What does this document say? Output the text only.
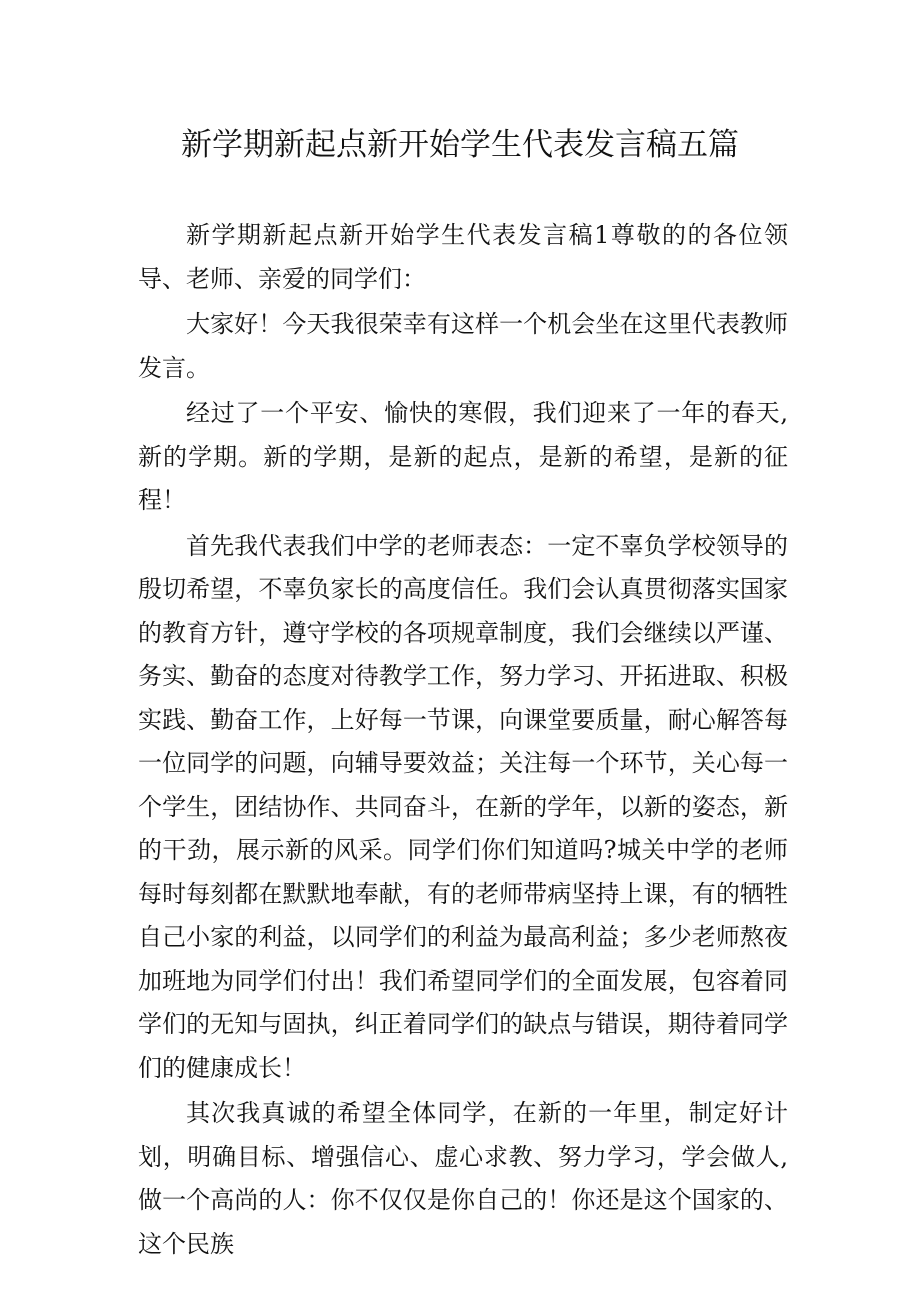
新学期新起点新开始学生代表发言稿五篇

新学期新起点新开始学生代表发言稿1尊敬的的各位领导、老师、亲爱的同学们：

大家好！今天我很荣幸有这样一个机会坐在这里代表教师发言。

经过了一个平安、愉快的寒假，我们迎来了一年的春天,新的学期。新的学期，是新的起点，是新的希望，是新的征程！

首先我代表我们中学的老师表态：一定不辜负学校领导的殷切希望，不辜负家长的高度信任。我们会认真贯彻落实国家的教育方针，遵守学校的各项规章制度，我们会继续以严谨、务实、勤奋的态度对待教学工作，努力学习、开拓进取、积极实践、勤奋工作，上好每一节课，向课堂要质量，耐心解答每一位同学的问题，向辅导要效益；关注每一个环节，关心每一个学生，团结协作、共同奋斗，在新的学年，以新的姿态，新的干劲，展示新的风采。同学们你们知道吗?城关中学的老师每时每刻都在默默地奉献，有的老师带病坚持上课，有的牺牲自己小家的利益，以同学们的利益为最高利益；多少老师熬夜加班地为同学们付出！我们希望同学们的全面发展，包容着同学们的无知与固执，纠正着同学们的缺点与错误，期待着同学们的健康成长！

其次我真诚的希望全体同学，在新的一年里，制定好计划，明确目标、增强信心、虚心求教、努力学习，学会做人,做一个高尚的人：你不仅仅是你自己的！你还是这个国家的、这个民族
